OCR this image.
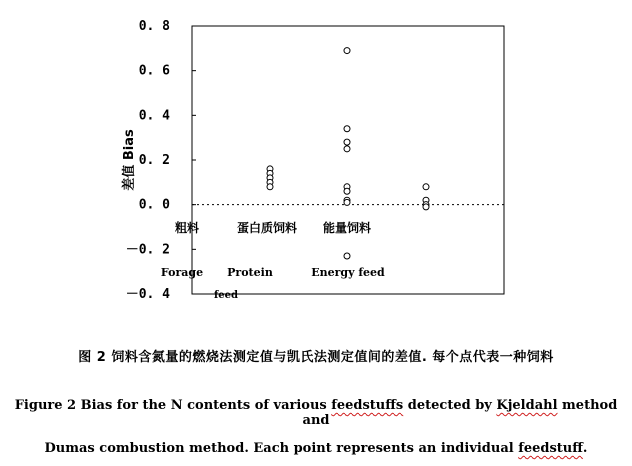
0. 8
0. 6
0. 4
0. 2
0. 0
－0. 2
－0. 4
差值 Bias
粗料	蛋白质饲料 能量饲料
Forage Protein	Energy feed
feed
图 2 饲料含氮量的燃烧法测定值与凯氏法测定值间的差值. 每个点代表一种饲料
Figure 2 Bias for the N contents of various feedstuffs detected by Kjeldahl method and
Dumas combustion method. Each point represents an individual feedstuff.
